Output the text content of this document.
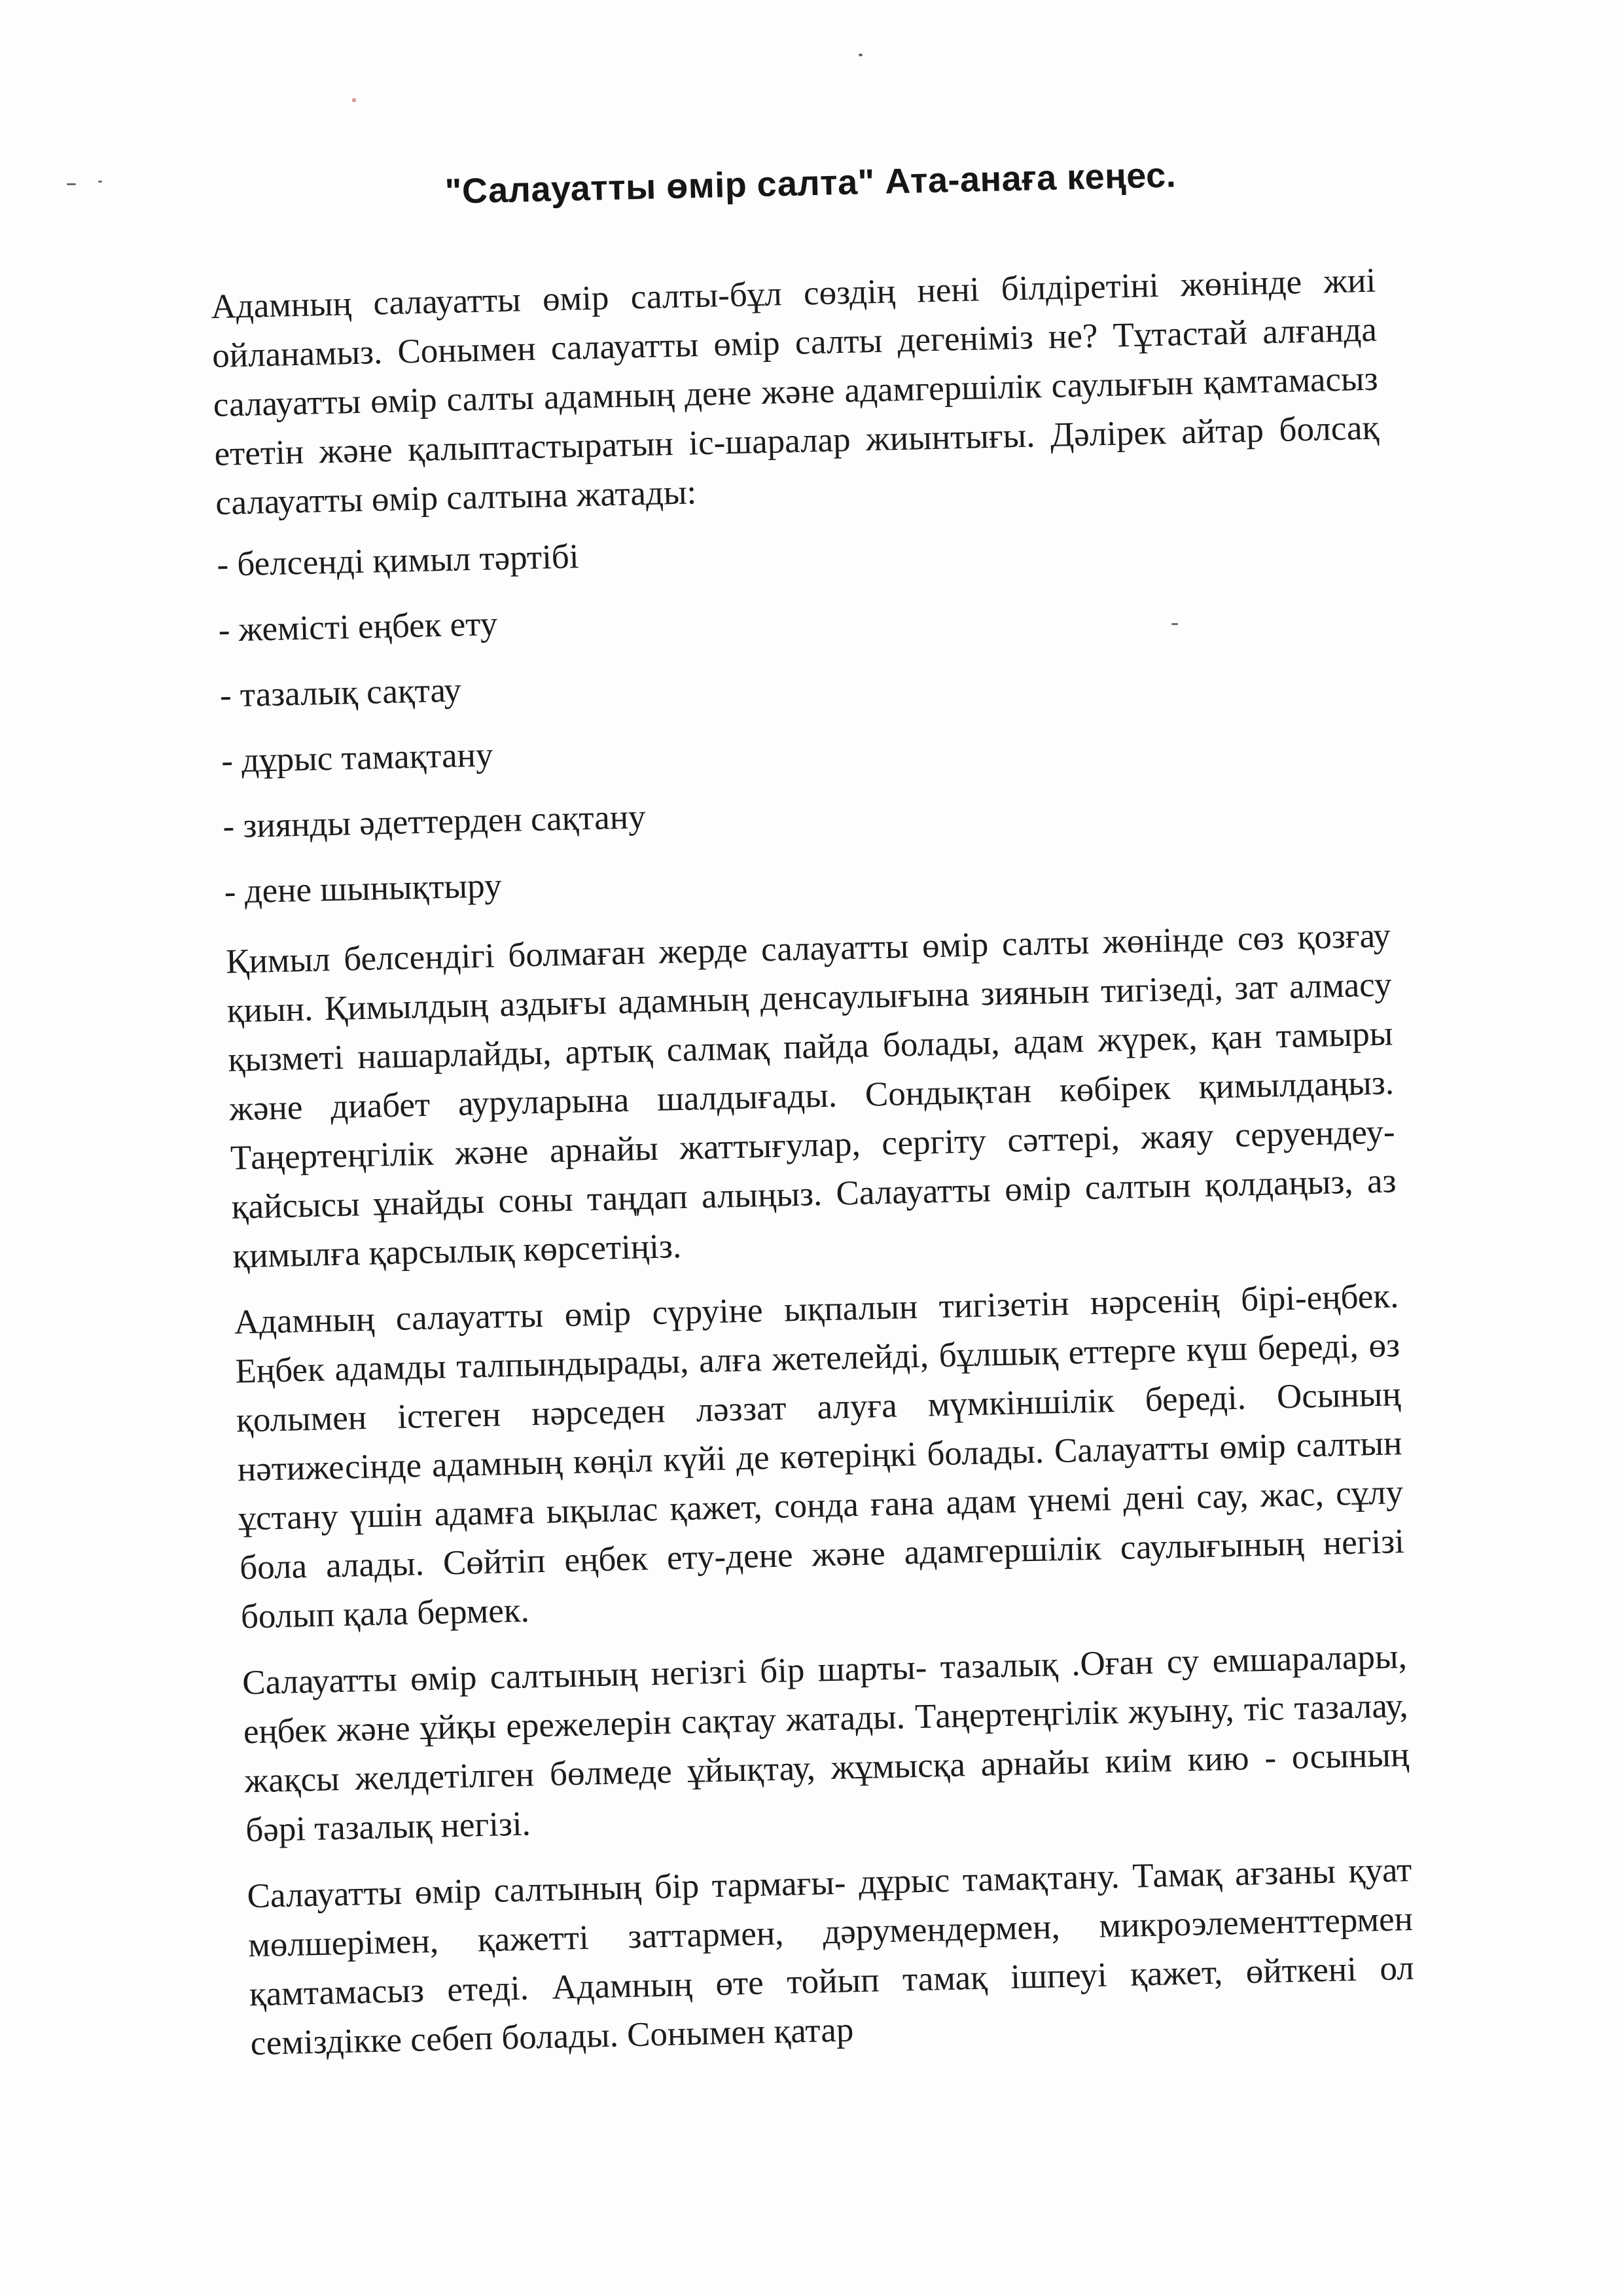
"Салауатты өмір салта" Ата-анаға кеңес.

Адамның салауатты өмір салты-бұл сөздің нені білдіретіні жөнінде жиі ойланамыз. Сонымен салауатты өмір салты дегеніміз не? Тұтастай алғанда салауатты өмір салты адамның дене және адамгершілік саулығын қамтамасыз ететін және қалыптастыратын іс-шаралар жиынтығы. Дәлірек айтар болсақ салауатты өмір салтына жатады:

- белсенді қимыл тәртібі
- жемісті еңбек ету
- тазалық сақтау
- дұрыс тамақтану
- зиянды әдеттерден сақтану
- дене шынықтыру

Қимыл белсендігі болмаған жерде салауатты өмір салты жөнінде сөз қозғау қиын. Қимылдың аздығы адамның денсаулығына зиянын тигізеді, зат алмасу қызметі нашарлайды, артық салмақ пайда болады, адам жүрек, қан тамыры және диабет ауруларына шалдығады. Сондықтан көбірек қимылдаңыз. Таңертеңгілік және арнайы жаттығулар, сергіту сәттері, жаяу серуендеу- қайсысы ұнайды соны таңдап алыңыз. Салауатты өмір салтын қолдаңыз, аз қимылға қарсылық көрсетіңіз.

Адамның салауатты өмір сүруіне ықпалын тигізетін нәрсенің бірі-еңбек. Еңбек адамды талпындырады, алға жетелейді, бұлшық еттерге күш береді, өз қолымен істеген нәрседен ләззат алуға мүмкіншілік береді. Осының нәтижесінде адамның көңіл күйі де көтеріңкі болады. Салауатты өмір салтын ұстану үшін адамға ықылас қажет, сонда ғана адам үнемі дені сау, жас, сұлу бола алады. Сөйтіп еңбек ету-дене және адамгершілік саулығының негізі болып қала бермек.

Салауатты өмір салтының негізгі бір шарты- тазалық .Оған су емшаралары, еңбек және ұйқы ережелерін сақтау жатады. Таңертеңгілік жуыну, тіс тазалау, жақсы желдетілген бөлмеде ұйықтау, жұмысқа арнайы киім кию - осының бәрі тазалық негізі.

Салауатты өмір салтының бір тармағы- дұрыс тамақтану. Тамақ ағзаны қуат мөлшерімен, қажетті заттармен, дәрумендермен, микроэлементтермен қамтамасыз етеді. Адамның өте тойып тамақ ішпеуі қажет, өйткені ол семіздікке себеп болады. Сонымен қатар
